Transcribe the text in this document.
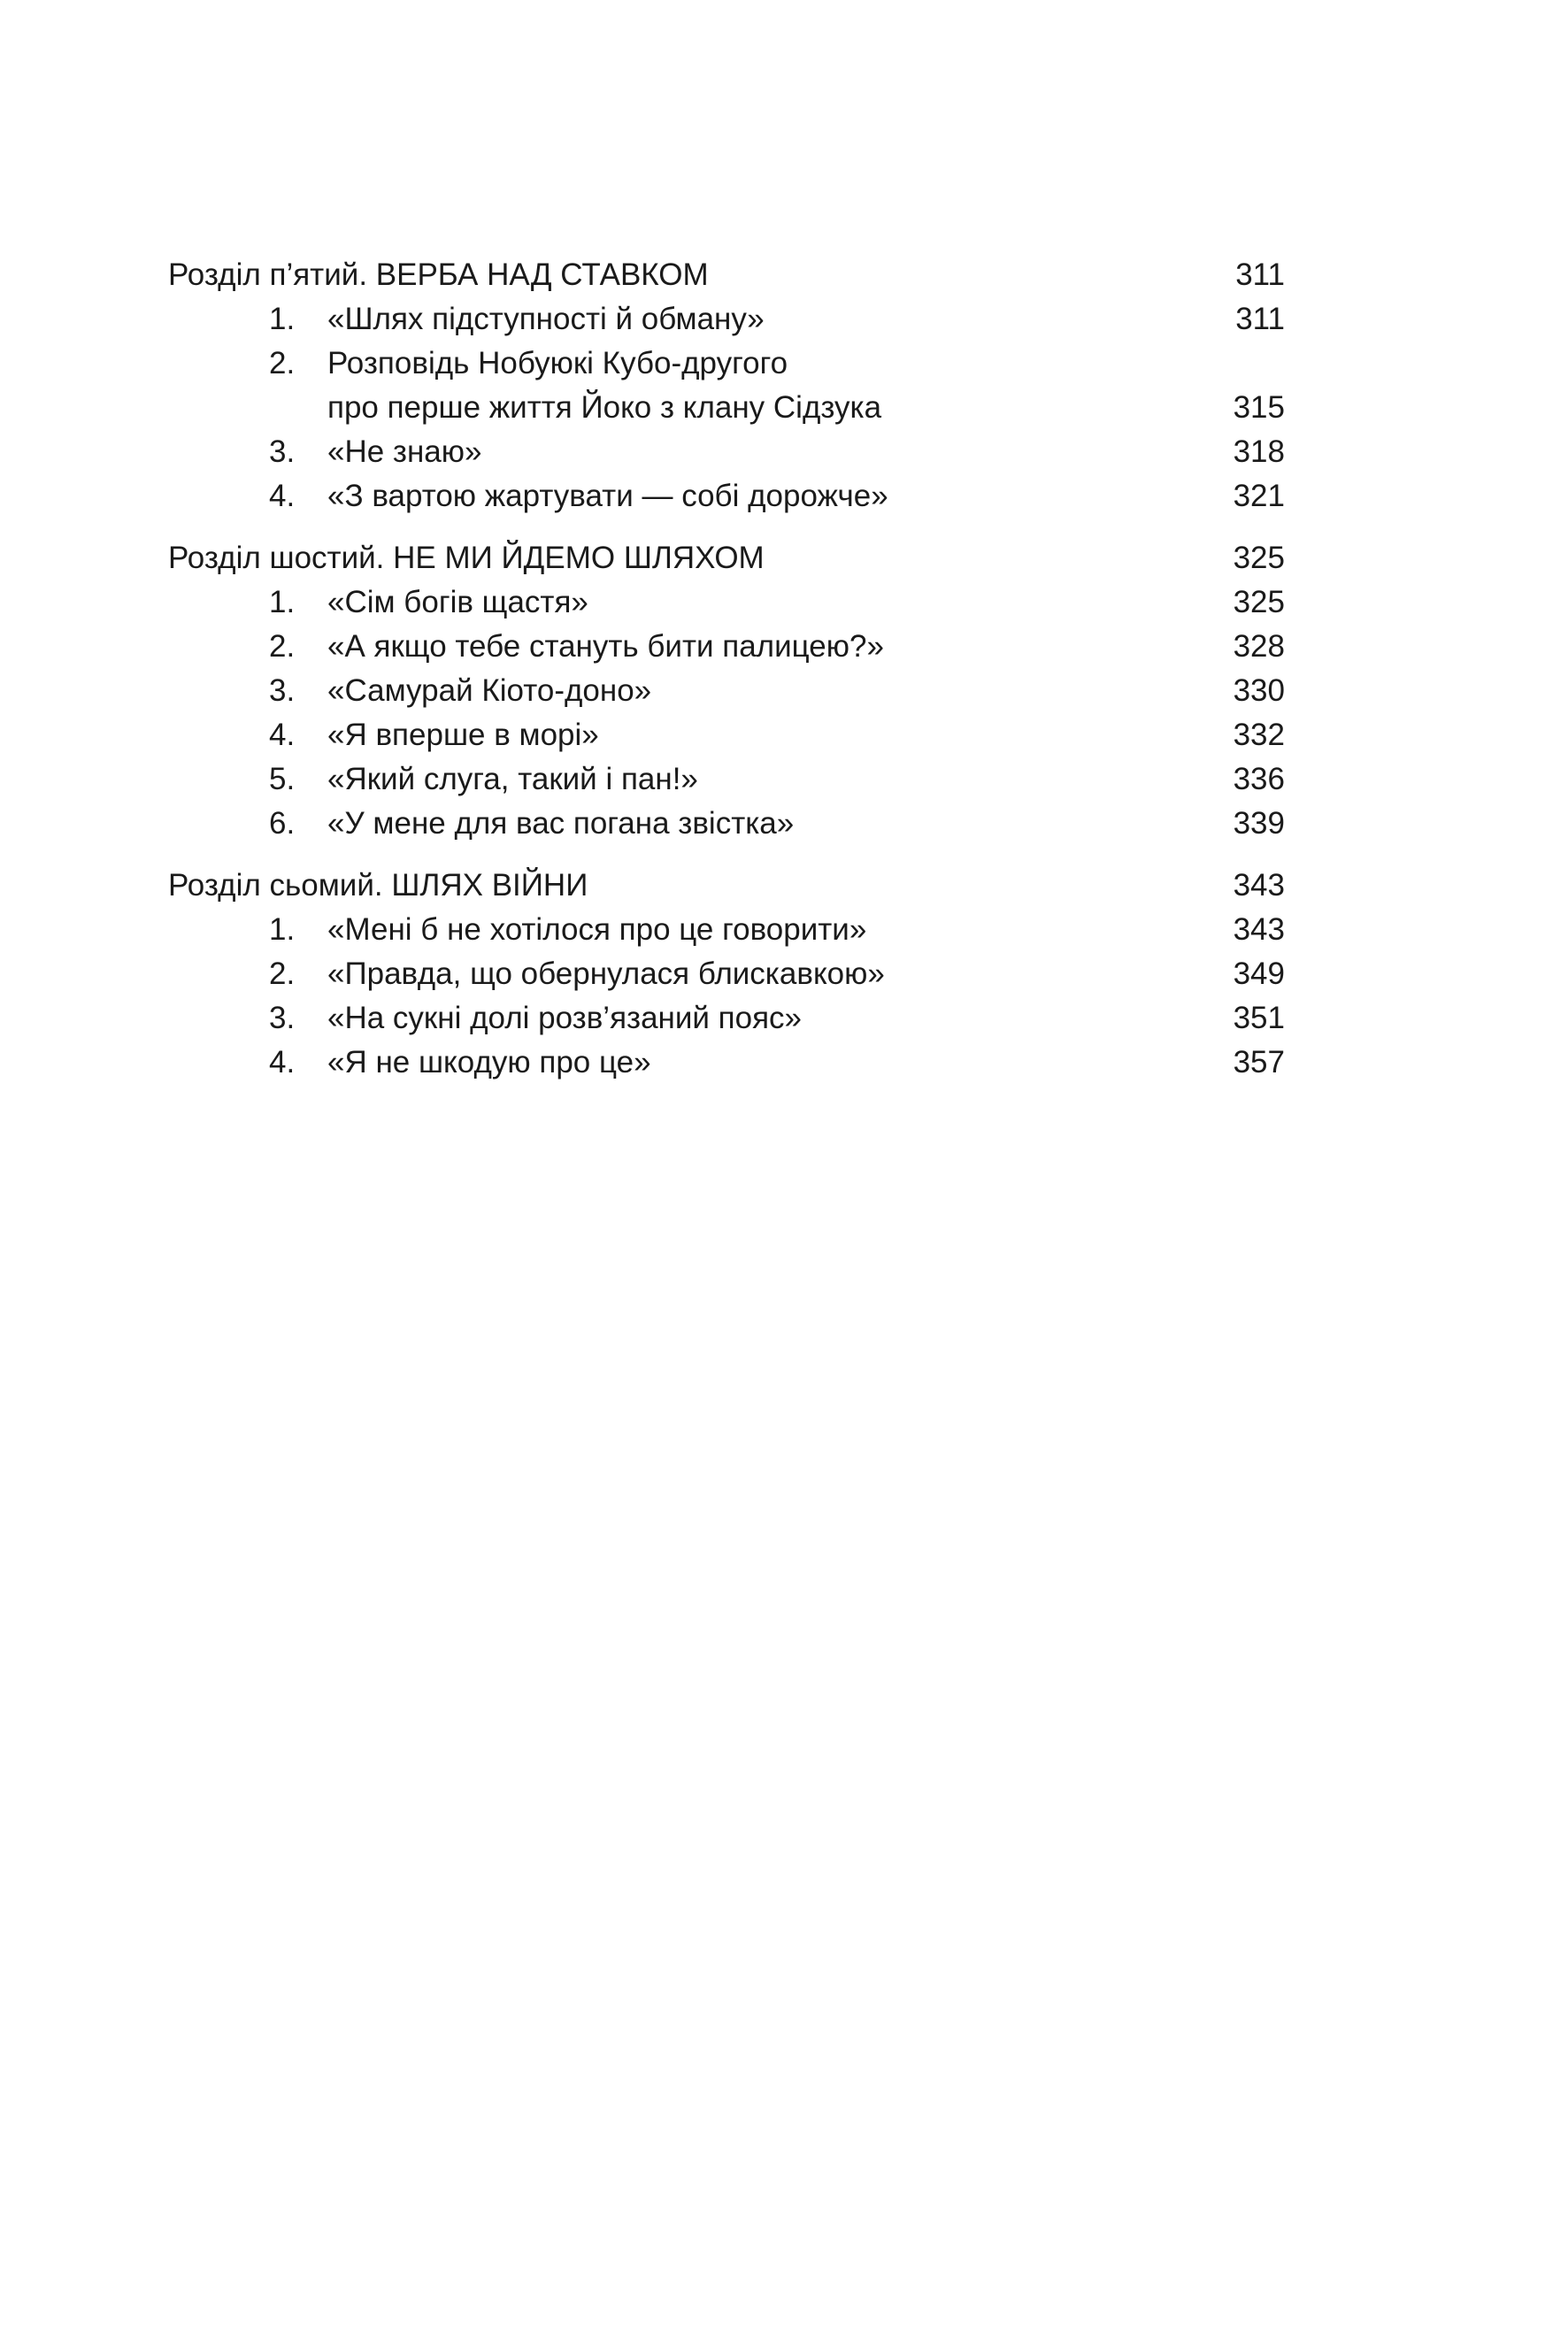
Розділ п’ятий. ВЕРБА НАД СТАВКОМ	311
1. «Шлях підступності й обману»	311
2. Розповідь Нобуюкі Кубо-другого
про перше життя Йоко з клану Сідзука	315
3. «Не знаю»	318
4. «З вартою жартувати — собі дорожче»	321
Розділ шостий. НЕ МИ ЙДЕМО ШЛЯХОМ	325
1. «Сім богів щастя»	325
2. «А якщо тебе стануть бити палицею?»	328
3. «Самурай Кіото-доно»	330
4. «Я вперше в морі»	332
5. «Який слуга, такий і пан!»	336
6. «У мене для вас погана звістка»	339
Розділ сьомий. ШЛЯХ ВІЙНИ	343
1. «Мені б не хотілося про це говорити»	343
2. «Правда, що обернулася блискавкою»	349
3. «На сукні долі розв’язаний пояс»	351
4. «Я не шкодую про це»	357
